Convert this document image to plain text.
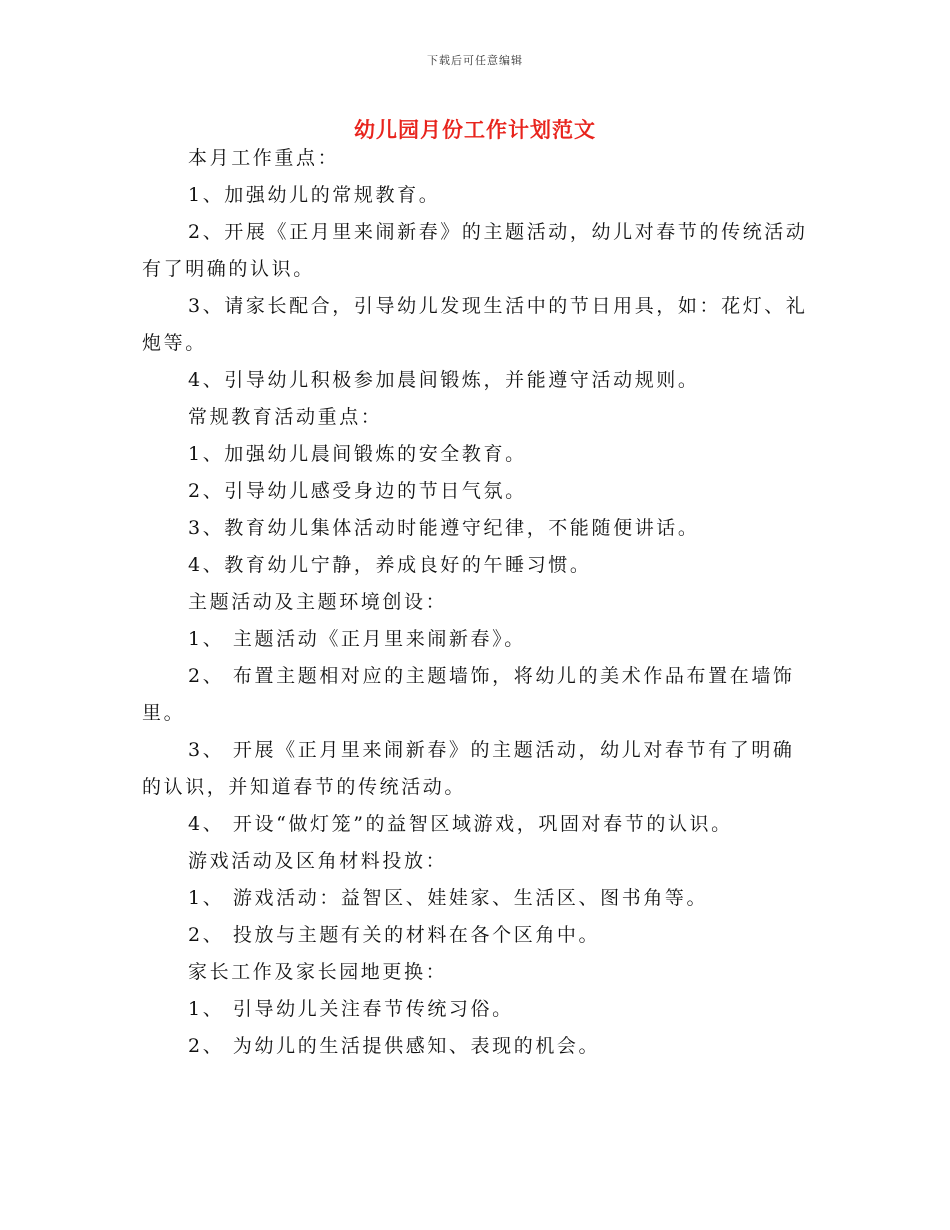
下载后可任意编辑
幼儿园月份工作计划范文

本月工作重点：

1、加强幼儿的常规教育。

2、开展《正月里来闹新春》的主题活动，幼儿对春节的传统活动有了明确的认识。

3、请家长配合，引导幼儿发现生活中的节日用具，如：花灯、礼炮等。

4、引导幼儿积极参加晨间锻炼，并能遵守活动规则。

常规教育活动重点：

1、加强幼儿晨间锻炼的安全教育。

2、引导幼儿感受身边的节日气氛。

3、教育幼儿集体活动时能遵守纪律，不能随便讲话。

4、教育幼儿宁静，养成良好的午睡习惯。

主题活动及主题环境创设：

1、 主题活动《正月里来闹新春》。

2、 布置主题相对应的主题墙饰，将幼儿的美术作品布置在墙饰里。

3、 开展《正月里来闹新春》的主题活动，幼儿对春节有了明确的认识，并知道春节的传统活动。

4、 开设“做灯笼”的益智区域游戏，巩固对春节的认识。

游戏活动及区角材料投放：

1、 游戏活动：益智区、娃娃家、生活区、图书角等。

2、 投放与主题有关的材料在各个区角中。

家长工作及家长园地更换：

1、 引导幼儿关注春节传统习俗。

2、 为幼儿的生活提供感知、表现的机会。
